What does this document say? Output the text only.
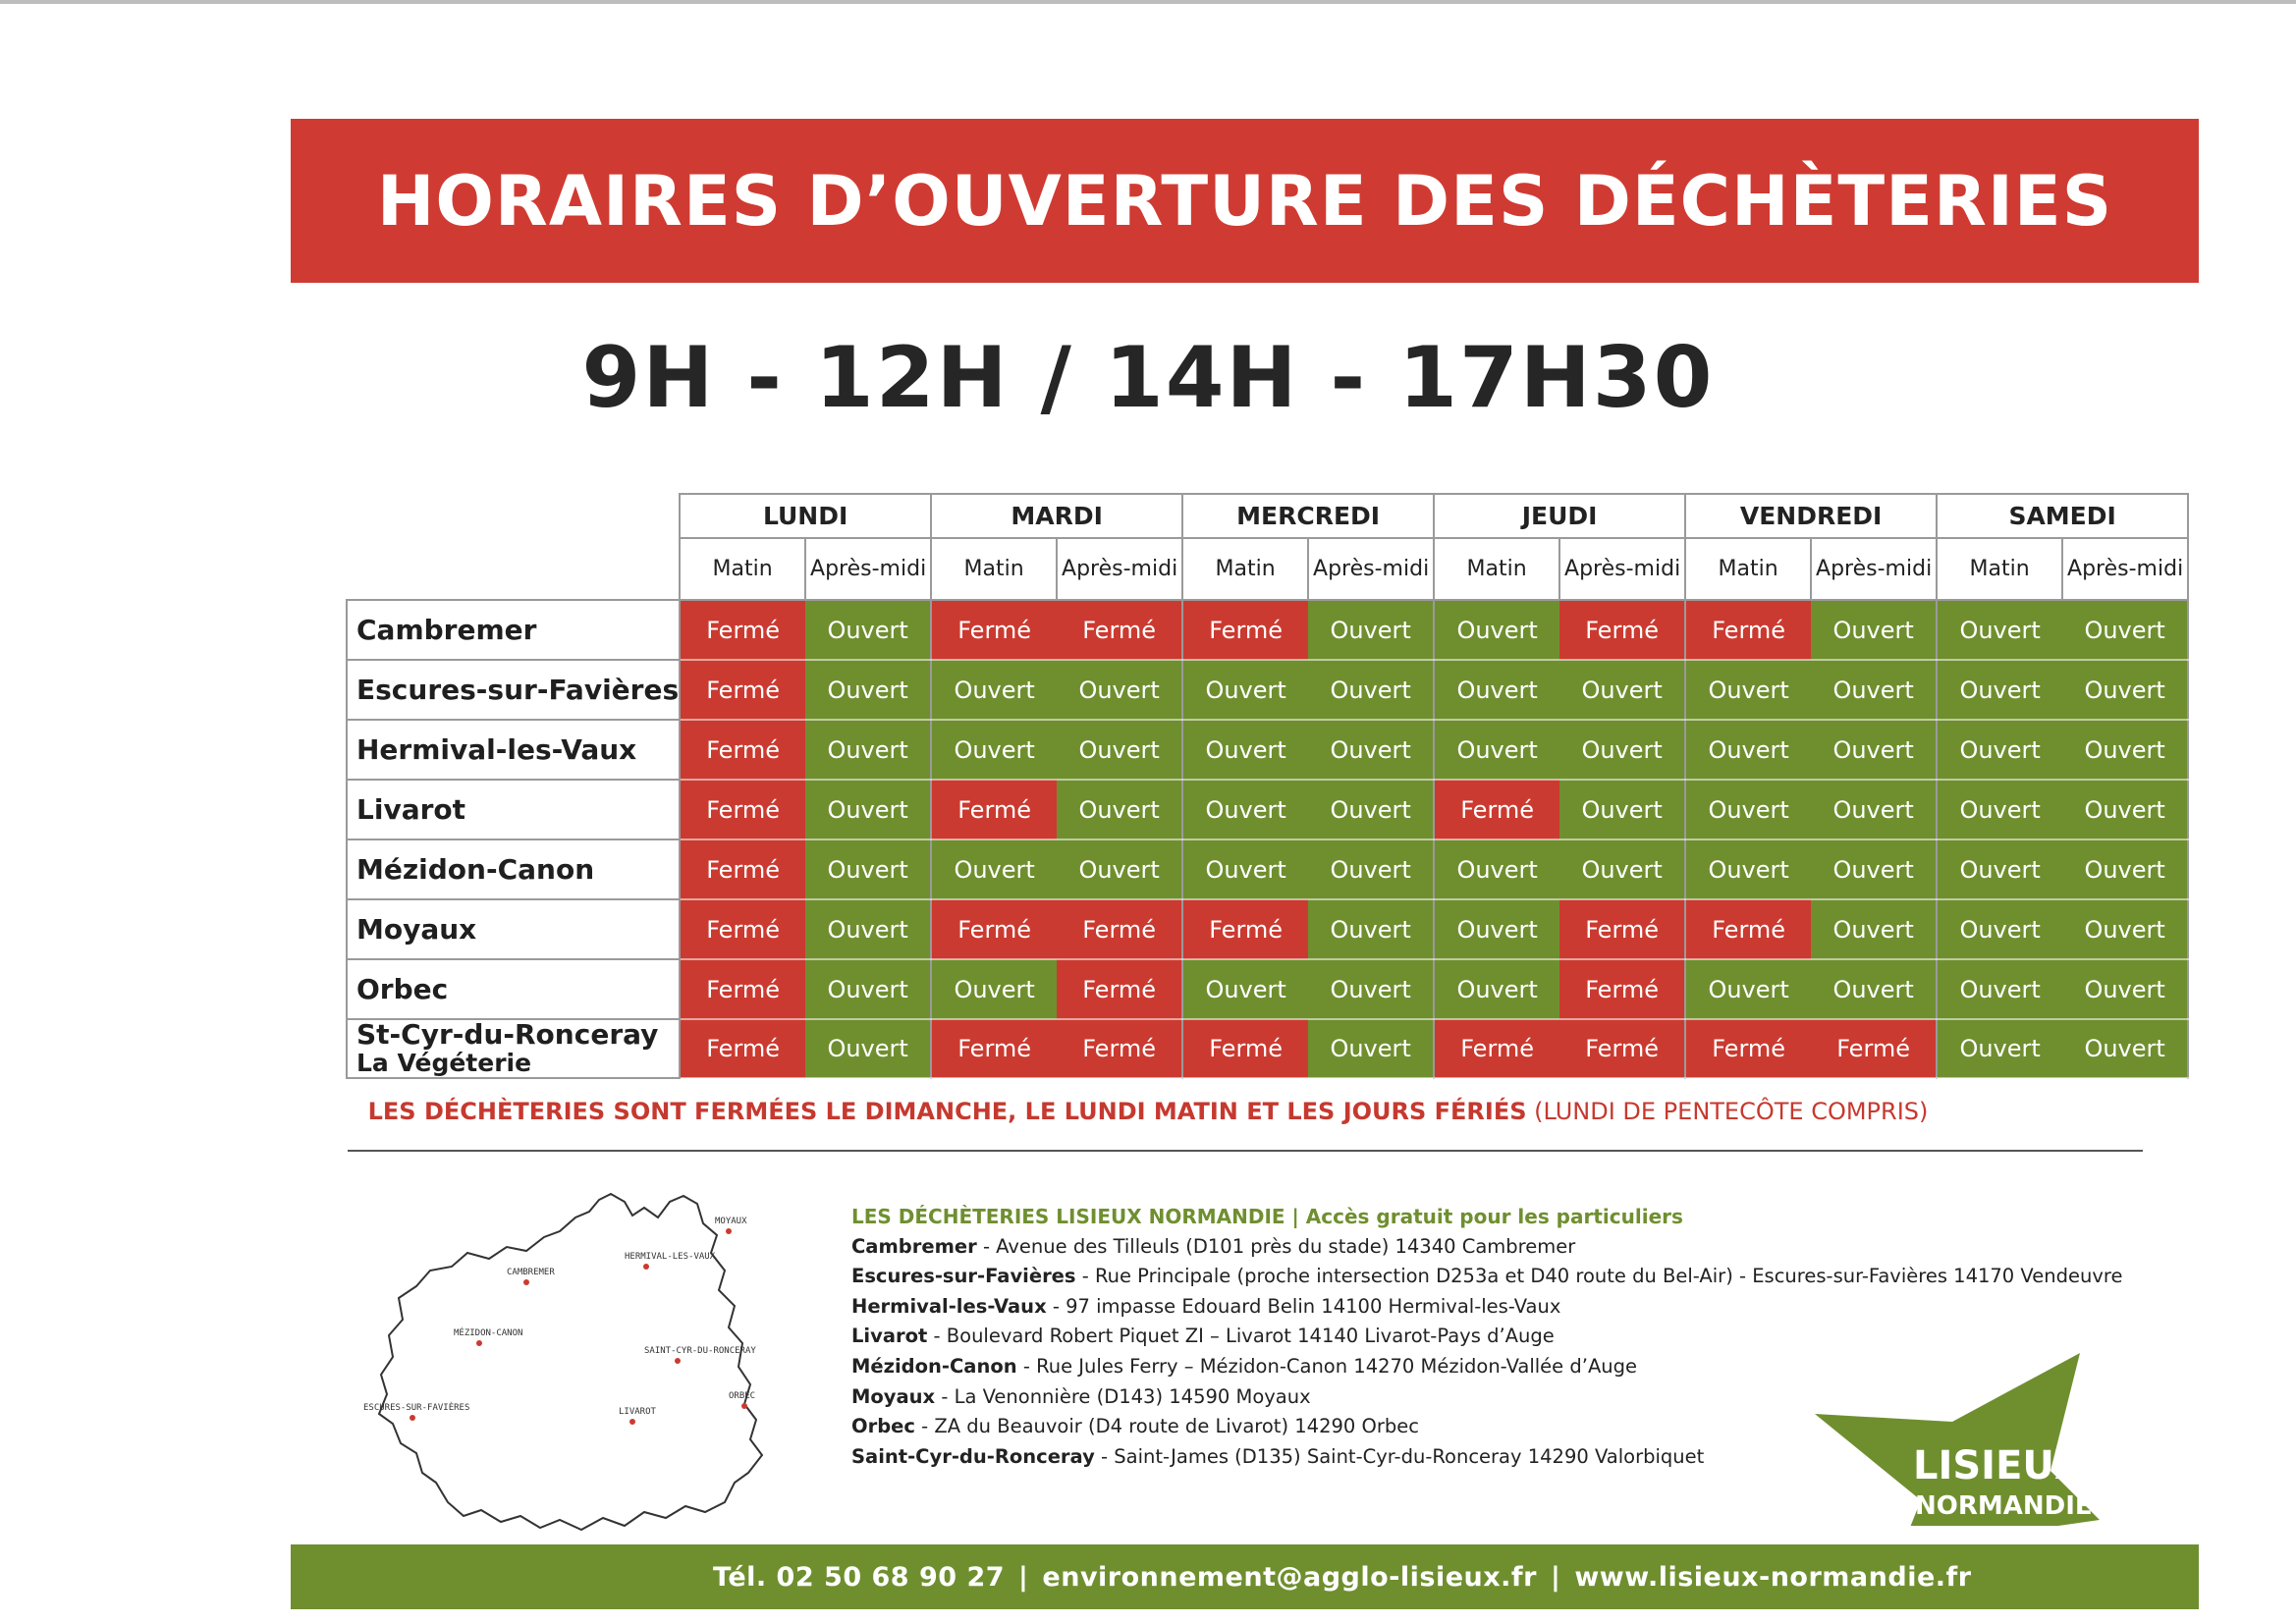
HORAIRES D’OUVERTURE DES DÉCHÈTERIES
9H - 12H / 14H - 17H30
	LUNDI		MARDI		MERCREDI		JEUDI		VENDREDI		SAMEDI	
	Matin	Après-midi	Matin	Après-midi	Matin	Après-midi	Matin	Après-midi	Matin	Après-midi	Matin	Après-midi
Cambremer	Fermé	Ouvert	Fermé	Fermé	Fermé	Ouvert	Ouvert	Fermé	Fermé	Ouvert	Ouvert	Ouvert
Escures-sur-Favières	Fermé	Ouvert	Ouvert	Ouvert	Ouvert	Ouvert	Ouvert	Ouvert	Ouvert	Ouvert	Ouvert	Ouvert
Hermival-les-Vaux	Fermé	Ouvert	Ouvert	Ouvert	Ouvert	Ouvert	Ouvert	Ouvert	Ouvert	Ouvert	Ouvert	Ouvert
Livarot	Fermé	Ouvert	Fermé	Ouvert	Ouvert	Ouvert	Fermé	Ouvert	Ouvert	Ouvert	Ouvert	Ouvert
Mézidon-Canon	Fermé	Ouvert	Ouvert	Ouvert	Ouvert	Ouvert	Ouvert	Ouvert	Ouvert	Ouvert	Ouvert	Ouvert
Moyaux	Fermé	Ouvert	Fermé	Fermé	Fermé	Ouvert	Ouvert	Fermé	Fermé	Ouvert	Ouvert	Ouvert
Orbec	Fermé	Ouvert	Ouvert	Fermé	Ouvert	Ouvert	Ouvert	Fermé	Ouvert	Ouvert	Ouvert	Ouvert

St-Cyr-du-Ronceray
La Végéterie	Fermé	Ouvert	Fermé	Fermé	Fermé	Ouvert	Fermé	Fermé	Fermé	Fermé	Ouvert	Ouvert
LES DÉCHÈTERIES SONT FERMÉES LE DIMANCHE, LE LUNDI MATIN ET LES JOURS FÉRIÉS (LUNDI DE PENTECÔTE COMPRIS)
MOYAUX
CAMBREMER
HERMIVAL-LES-VAUX
MÉZIDON-CANON
SAINT-CYR-DU-RONCERAY
ESCURES-SUR-FAVIÈRES	LIVAROT
ORBEC
LES DÉCHÈTERIES LISIEUX NORMANDIE | Accès gratuit pour les particuliers
Cambremer - Avenue des Tilleuls (D101 près du stade) 14340 Cambremer
Escures-sur-Favières - Rue Principale (proche intersection D253a et D40 route du Bel-Air) - Escures-sur-Favières 14170 Vendeuvre
Hermival-les-Vaux - 97 impasse Edouard Belin 14100 Hermival-les-Vaux
Livarot - Boulevard Robert Piquet ZI – Livarot 14140 Livarot-Pays d’Auge
Mézidon-Canon - Rue Jules Ferry – Mézidon-Canon 14270 Mézidon-Vallée d’Auge
Moyaux - La Venonnière (D143) 14590 Moyaux
Orbec - ZA du Beauvoir (D4 route de Livarot) 14290 Orbec
Saint-Cyr-du-Ronceray - Saint-James (D135) Saint-Cyr-du-Ronceray 14290 Valorbiquet	LISIEUX
NORMANDIE
Tél. 02 50 68 90 27 | environnement@agglo-lisieux.fr | www.lisieux-normandie.fr
